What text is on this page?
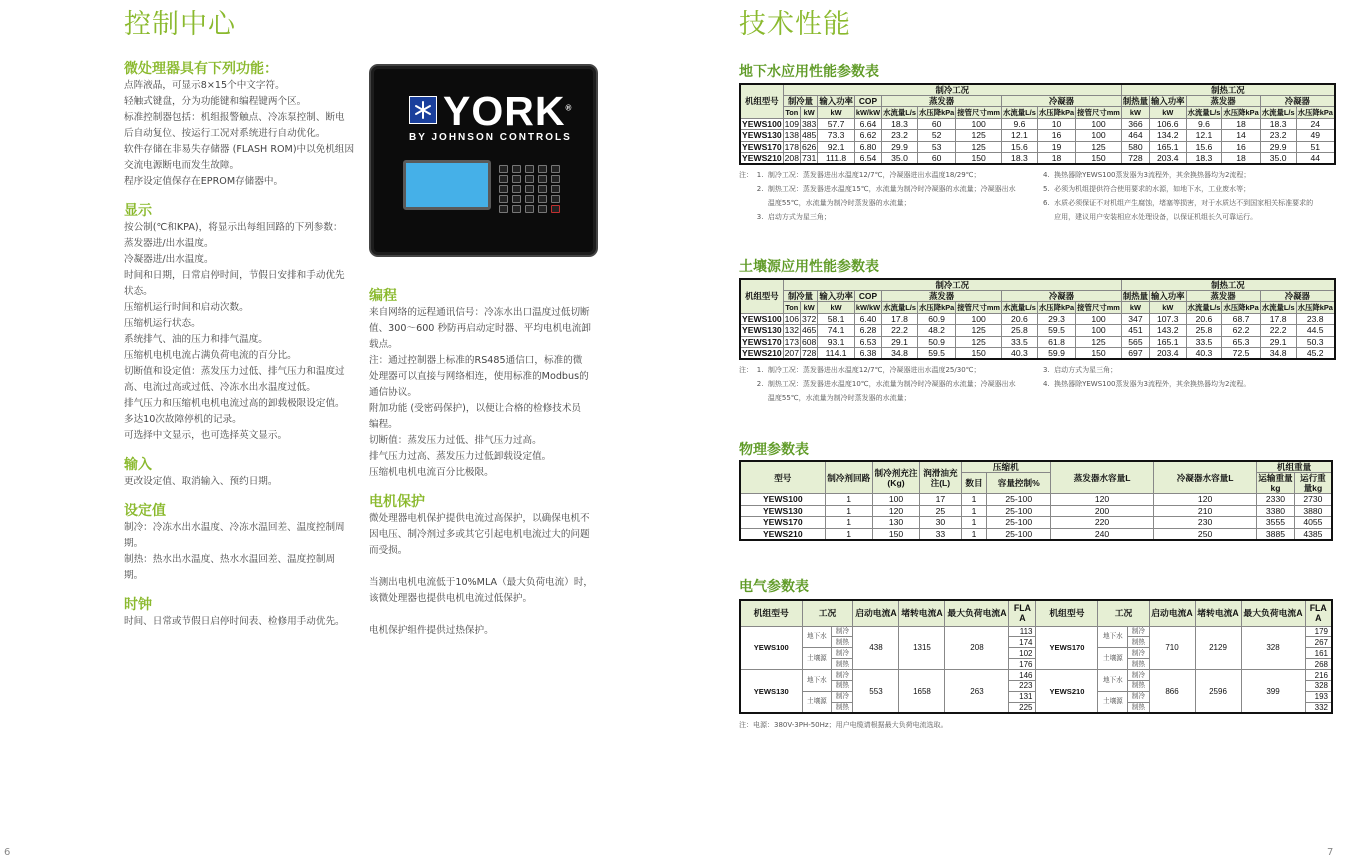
控制中心
微处理器具有下列功能：
点阵液晶，可显示8×15个中文字符。
轻触式键盘，分为功能键和编程键两个区。
标准控制器包括：机组报警触点、冷冻泵控制、断电
后自动复位、按运行工况对系统进行自动优化。
软件存储在非易失存储器 (FLASH ROM)中以免机组因
交流电源断电而发生故障。
程序设定值保存在EPROM存储器中。
显示
按公制(℃和KPA)，将显示出每组回路的下列参数：
蒸发器进/出水温度。
冷凝器进/出水温度。
时间和日期，日常启停时间，节假日安排和手动优先
状态。
压缩机运行时间和启动次数。
压缩机运行状态。
系统排气、油的压力和排气温度。
压缩机电机电流占满负荷电流的百分比。
切断值和设定值：蒸发压力过低、排气压力和温度过
高、电流过高或过低、冷冻水出水温度过低。
排气压力和压缩机电机电流过高的卸载极限设定值。
多达10次故障停机的记录。
可选择中文显示，也可选择英文显示。
输入
更改设定值、取消输入、预约日期。
设定值
制冷：冷冻水出水温度、冷冻水温回差、温度控制周
期。
制热：热水出水温度、热水水温回差、温度控制周
期。
时钟
时间、日常或节假日启停时间表、检修用手动优先。
编程
来自网络的远程通讯信号：冷冻水出口温度过低切断
值、300～600 秒防再启动定时器、平均电机电流卸
载点。
注：通过控制器上标准的RS485通信口，标准的微
处理器可以直接与网络相连，使用标准的Modbus的
通信协议。
附加功能 (受密码保护)，以便让合格的检修技术员
编程。
切断值：蒸发压力过低、排气压力过高。
排气压力过高、蒸发压力过低卸载设定值。
压缩机电机电流百分比极限。
电机保护
微处理器电机保护提供电流过高保护，以确保电机不
因电压、制冷剂过多或其它引起电机电流过大的问题
而受损。
当测出电机电流低于10%MLA（最大负荷电流）时，
该微处理器也提供电机电流过低保护。
电机保护组件提供过热保护。
YORK®
BY JOHNSON CONTROLS
6
技术性能
地下水应用性能参数表
机组型号	制冷工况										制热工况					
	制冷量		输入功率	COP	蒸发器			冷凝器			制热量	输入功率	蒸发器		冷凝器	
	Ton	kW	kW	kW/kW	水流量L/s	水压降kPa	接管尺寸mm	水流量L/s	水压降kPa	接管尺寸mm	kW	kW	水流量L/s	水压降kPa	水流量L/s	水压降kPa
YEWS100	109	383	57.7	6.64	18.3	60	100	9.6	10	100	366	106.6	9.6	18	18.3	24
YEWS130	138	485	73.3	6.62	23.2	52	125	12.1	16	100	464	134.2	12.1	14	23.2	49
YEWS170	178	626	92.1	6.80	29.9	53	125	15.6	19	125	580	165.1	15.6	16	29.9	51
YEWS210	208	731	111.8	6.54	35.0	60	150	18.3	18	150	728	203.4	18.3	18	35.0	44
注： 1.  制冷工况：蒸发器进出水温度12/7℃，冷凝器进出水温度18/29℃；
2.  制热工况：蒸发器进水温度15℃，水流量为制冷时冷凝器的水流量；冷凝器出水
温度55℃，水流量为制冷时蒸发器的水流量；
3.  启动方式为星三角；
4.  换热器除YEWS100蒸发器为3流程外，其余换热器均为2流程；
5.  必须为机组提供符合使用要求的水源，如地下水，工业废水等；
6.  水质必须保证不对机组产生腐蚀，堵塞等损害，对于水质达不到国家相关标准要求的
应用，建议用户安装相应水处理设备，以保证机组长久可靠运行。
土壤源应用性能参数表
机组型号	制冷工况										制热工况					
	制冷量		输入功率	COP	蒸发器			冷凝器			制热量	输入功率	蒸发器		冷凝器	
	Ton	kW	kW	kW/kW	水流量L/s	水压降kPa	接管尺寸mm	水流量L/s	水压降kPa	接管尺寸mm	kW	kW	水流量L/s	水压降kPa	水流量L/s	水压降kPa
YEWS100	106	372	58.1	6.40	17.8	60.9	100	20.6	29.3	100	347	107.3	20.6	68.7	17.8	23.8
YEWS130	132	465	74.1	6.28	22.2	48.2	125	25.8	59.5	100	451	143.2	25.8	62.2	22.2	44.5
YEWS170	173	608	93.1	6.53	29.1	50.9	125	33.5	61.8	125	565	165.1	33.5	65.3	29.1	50.3
YEWS210	207	728	114.1	6.38	34.8	59.5	150	40.3	59.9	150	697	203.4	40.3	72.5	34.8	45.2
注： 1.  制冷工况：蒸发器进出水温度12/7℃，冷凝器进出水温度25/30℃；
2.  制热工况：蒸发器进水温度10℃，水流量为制冷时冷凝器的水流量；冷凝器出水
温度55℃，水流量为制冷时蒸发器的水流量；
3.  启动方式为星三角；
4.  换热器除YEWS100蒸发器为3流程外，其余换热器均为2流程。
物理参数表
型号	制冷剂回路	制冷剂充注(Kg)	润滑油充注(L)	压缩机		蒸发器水容量L	冷凝器水容量L	机组重量	
				数目	容量控制%			运输重量kg	运行重量kg
YEWS100	1	100	17	1	25-100	120	120	2330	2730
YEWS130	1	120	25	1	25-100	200	210	3380	3880
YEWS170	1	130	30	1	25-100	220	230	3555	4055
YEWS210	1	150	33	1	25-100	240	250	3885	4385
电气参数表
机组型号	工况		启动电流A	堵转电流A	最大负荷电流A	FLA A	机组型号	工况		启动电流A	堵转电流A	最大负荷电流A	FLA A
YEWS100	地下水	制冷	438	1315	208	113	YEWS170	地下水	制冷	710	2129	328	179
		制热				174			制热				267
	土壤源	制冷				102		土壤源	制冷				161
		制热				176			制热				268
YEWS130	地下水	制冷	553	1658	263	146	YEWS210	地下水	制冷	866	2596	399	216
		制热				223			制热				328
	土壤源	制冷				131		土壤源	制冷				193
		制热				225			制热				332
注：电源：380V-3PH-50Hz；用户电缆请根据最大负荷电流选取。
7
